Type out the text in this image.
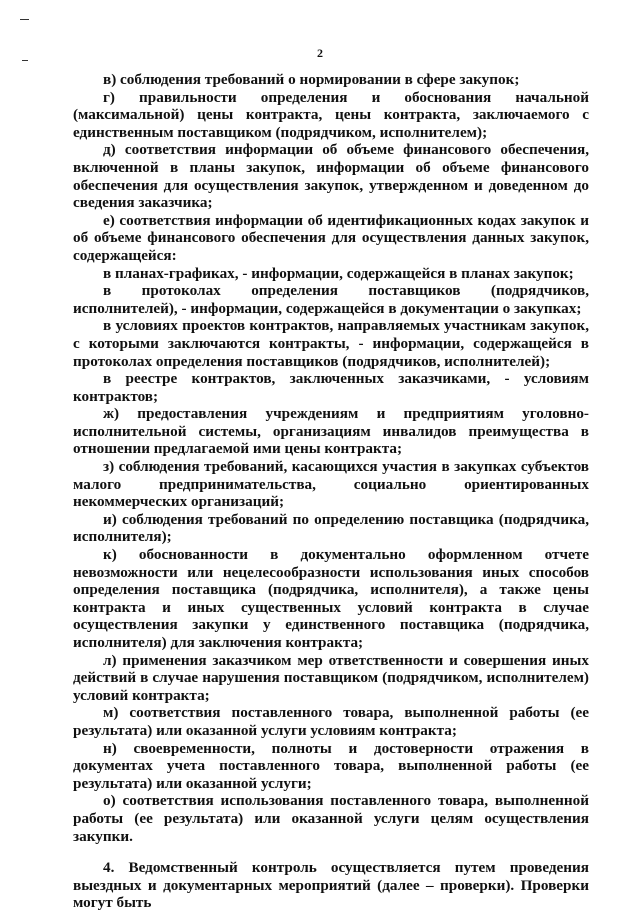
2

в) соблюдения требований о нормировании в сфере закупок;

г) правильности определения и обоснования начальной (максимальной) цены контракта, цены контракта, заключаемого с единственным поставщиком (подрядчиком, исполнителем);

д) соответствия информации об объеме финансового обеспечения, включенной в планы закупок, информации об объеме финансового обеспечения для осуществления закупок, утвержденном и доведенном до сведения заказчика;

е) соответствия информации об идентификационных кодах закупок и об объеме финансового обеспечения для осуществления данных закупок, содержащейся:

в планах-графиках, - информации, содержащейся в планах закупок;

в протоколах определения поставщиков (подрядчиков, исполнителей), - информации, содержащейся в документации о закупках;

в условиях проектов контрактов, направляемых участникам закупок, с которыми заключаются контракты, - информации, содержащейся в протоколах определения поставщиков (подрядчиков, исполнителей);

в реестре контрактов, заключенных заказчиками, - условиям контрактов;

ж) предоставления учреждениям и предприятиям уголовно-исполнительной системы, организациям инвалидов преимущества в отношении предлагаемой ими цены контракта;

з) соблюдения требований, касающихся участия в закупках субъектов малого предпринимательства, социально ориентированных некоммерческих организаций;

и) соблюдения требований по определению поставщика (подрядчика, исполнителя);

к) обоснованности в документально оформленном отчете невозможности или нецелесообразности использования иных способов определения поставщика (подрядчика, исполнителя), а также цены контракта и иных существенных условий контракта в случае осуществления закупки у единственного поставщика (подрядчика, исполнителя) для заключения контракта;

л) применения заказчиком мер ответственности и совершения иных действий в случае нарушения поставщиком (подрядчиком, исполнителем) условий контракта;

м) соответствия поставленного товара, выполненной работы (ее результата) или оказанной услуги условиям контракта;

н) своевременности, полноты и достоверности отражения в документах учета поставленного товара, выполненной работы (ее результата) или оказанной услуги;

о) соответствия использования поставленного товара, выполненной работы (ее результата) или оказанной услуги целям осуществления закупки.

4. Ведомственный контроль осуществляется путем проведения выездных и документарных мероприятий (далее – проверки). Проверки могут быть
